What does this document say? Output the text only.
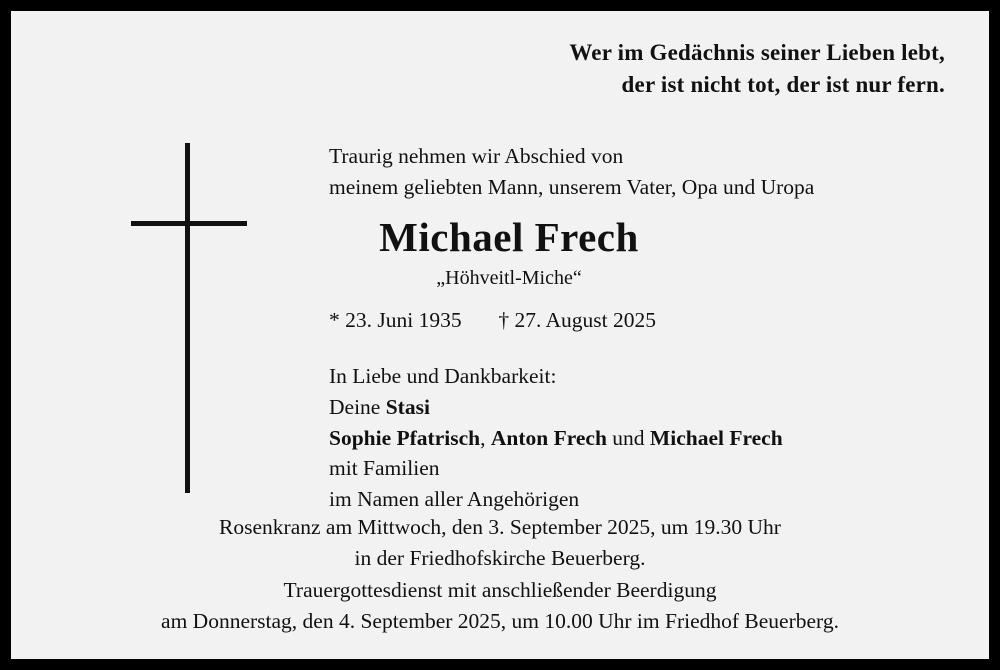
Wer im Gedächnis seiner Lieben lebt,
der ist nicht tot, der ist nur fern.
Traurig nehmen wir Abschied von
meinem geliebten Mann, unserem Vater, Opa und Uropa
Michael Frech
„Höhveitl-Miche“
* 23. Juni 1935 † 27. August 2025
In Liebe und Dankbarkeit:
Deine Stasi
Sophie Pfatrisch, Anton Frech und Michael Frech
mit Familien
im Namen aller Angehörigen
Rosenkranz am Mittwoch, den 3. September 2025, um 19.30 Uhr
in der Friedhofskirche Beuerberg.
Trauergottesdienst mit anschließender Beerdigung
am Donnerstag, den 4. September 2025, um 10.00 Uhr im Friedhof Beuerberg.
